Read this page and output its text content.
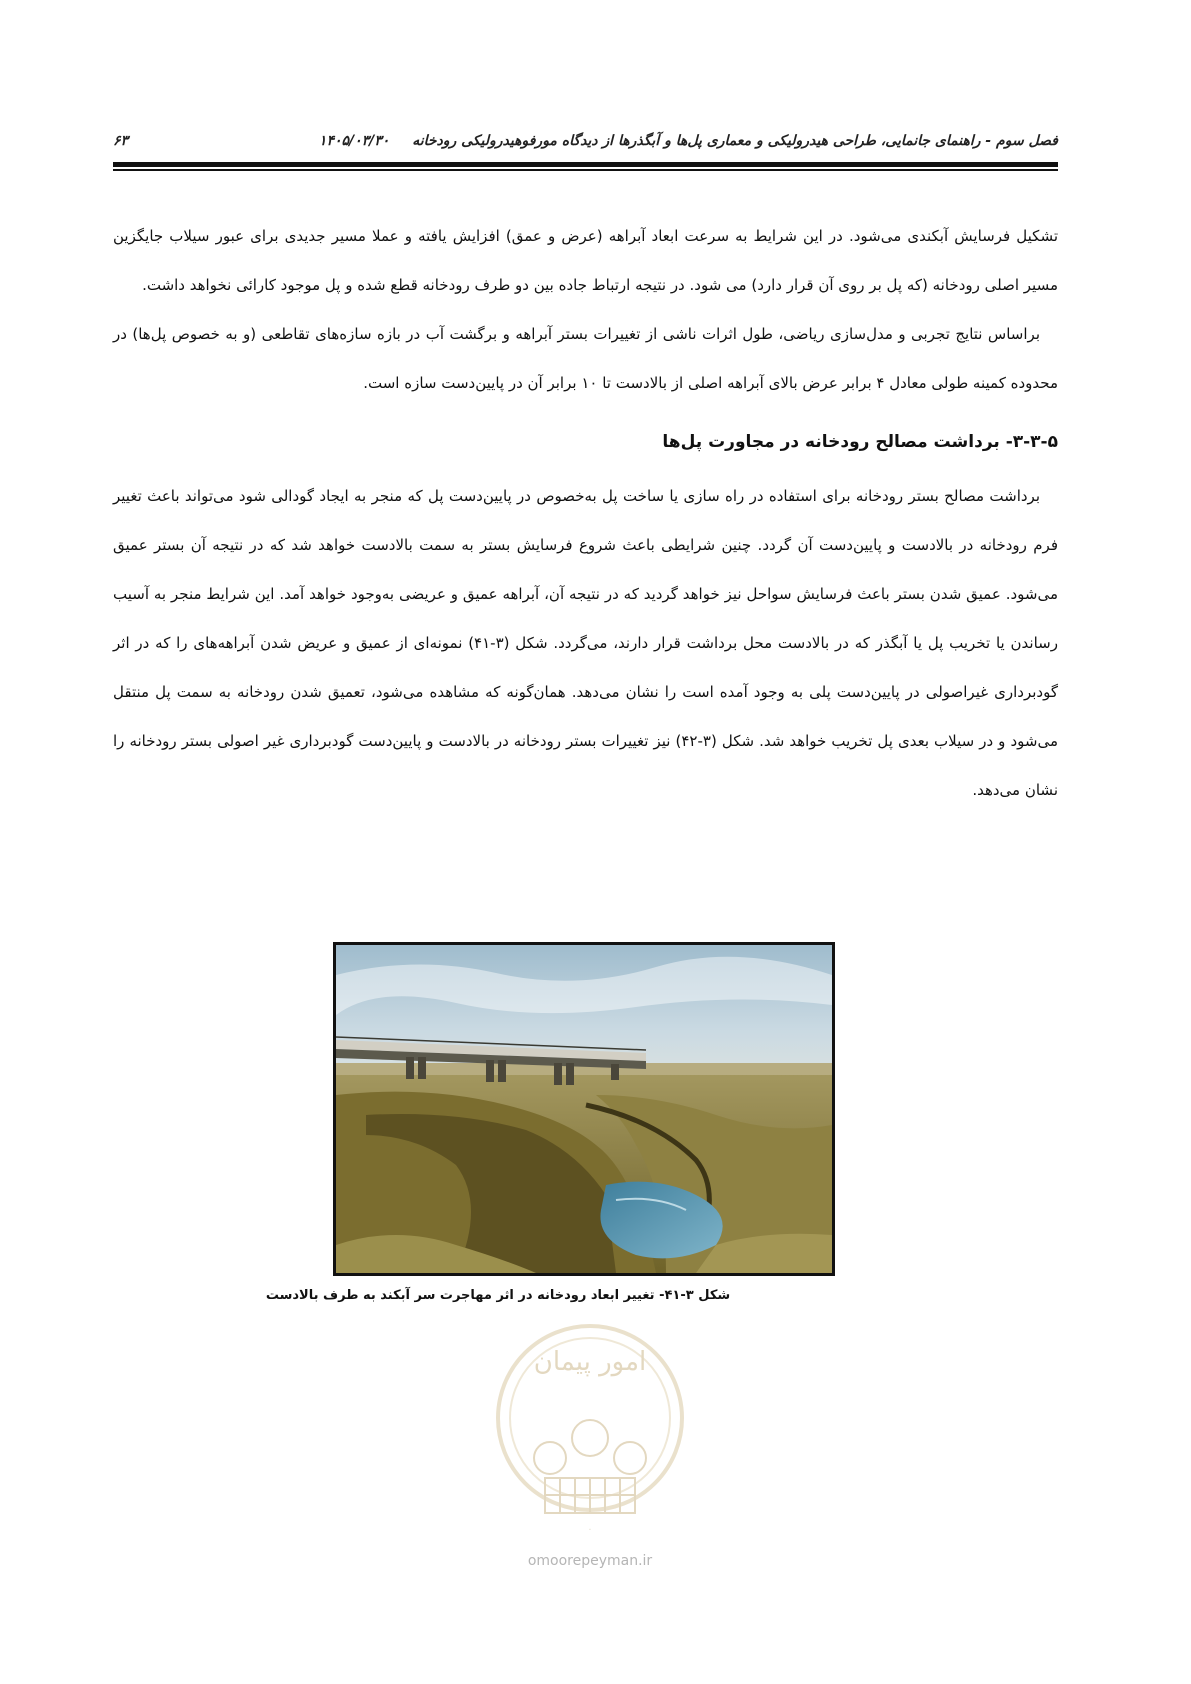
فصل سوم - راهنمای جانمایی، طراحی هیدرولیکی و معماری پل‌ها و آبگذرها از دیدگاه مورفوهیدرولیکی رودخانه ۱۴۰۵/۰۳/۳۰
۶۳

تشکیل فرسایش آبکندی می‌شود. در این شرایط به سرعت ابعاد آبراهه (عرض و عمق) افزایش یافته و عملا مسیر جدیدی برای عبور سیلاب جایگزین مسیر اصلی رودخانه (که پل بر روی آن قرار دارد) می شود. در نتیجه ارتباط جاده بین دو طرف رودخانه قطع شده و پل موجود کارائی نخواهد داشت.

براساس نتایج تجربی و مدل‌سازی ریاضی، طول اثرات ناشی از تغییرات بستر آبراهه و برگشت آب در بازه سازه‌های تقاطعی (و به خصوص پل‌ها) در محدوده کمینه طولی معادل ۴ برابر عرض بالای آبراهه اصلی از بالادست تا ۱۰ برابر آن در پایین‌دست سازه است.

۳-۳-۵- برداشت مصالح رودخانه در مجاورت پل‌ها

برداشت مصالح بستر رودخانه برای استفاده در راه سازی یا ساخت پل به‌خصوص در پایین‌دست پل که منجر به ایجاد گودالی شود می‌تواند باعث تغییر فرم رودخانه در بالادست و پایین‌دست آن گردد. چنین شرایطی باعث شروع فرسایش بستر به سمت بالادست خواهد شد که در نتیجه آن بستر عمیق می‌شود. عمیق شدن بستر باعث فرسایش سواحل نیز خواهد گردید که در نتیجه آن، آبراهه عمیق و عریضی به‌وجود خواهد آمد. این شرایط منجر به آسیب رساندن یا تخریب پل یا آبگذر که در بالادست محل برداشت قرار دارند، می‌گردد. شکل (۳-۴۱) نمونه‌ای از عمیق و عریض شدن آبراهه‌های را که در اثر گودبرداری غیراصولی در پایین‌دست پلی به وجود آمده است را نشان می‌دهد. همان‌گونه که مشاهده می‌شود، تعمیق شدن رودخانه به سمت پل منتقل می‌شود و در سیلاب بعدی پل تخریب خواهد شد. شکل (۳-۴۲) نیز تغییرات بستر رودخانه در بالادست و پایین‌دست گودبرداری غیر اصولی بستر رودخانه را نشان می‌دهد.

شکل ۳-۴۱- تغییر ابعاد رودخانه در اثر مهاجرت سر آبکند به طرف بالادست
امور پیمان
.
omoorepeyman.ir
